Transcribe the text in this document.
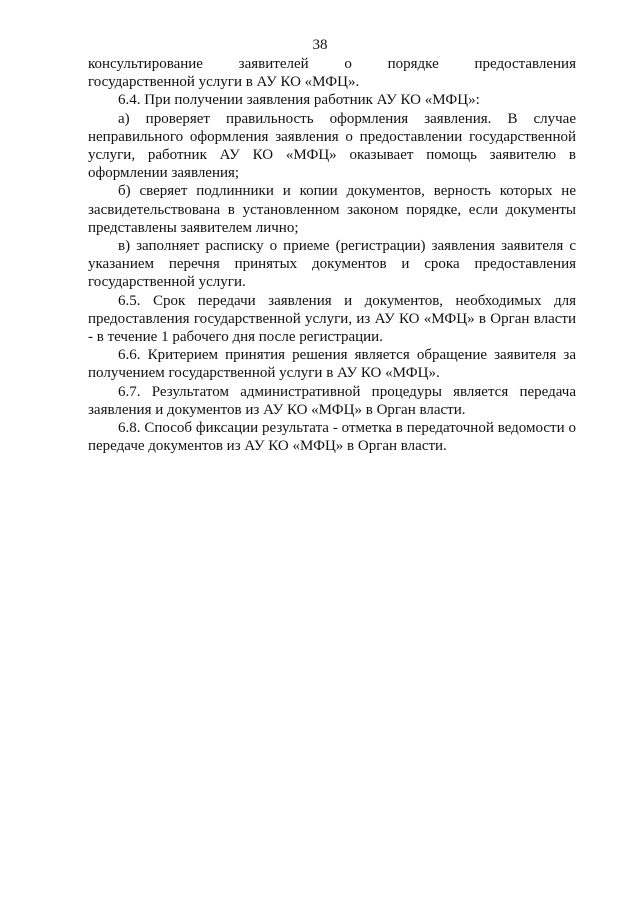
38
консультирование заявителей о порядке предоставления

государственной услуги в АУ КО «МФЦ».

6.4. При получении заявления работник АУ КО «МФЦ»:

а) проверяет правильность оформления заявления. В случае неправильного оформления заявления о предоставлении государственной услуги, работник АУ КО «МФЦ» оказывает помощь заявителю в оформлении заявления;

б) сверяет подлинники и копии документов, верность которых не засвидетельствована в установленном законом порядке, если документы представлены заявителем лично;

в) заполняет расписку о приеме (регистрации) заявления заявителя с указанием перечня принятых документов и срока предоставления государственной услуги.

6.5. Срок передачи заявления и документов, необходимых для предоставления государственной услуги, из АУ КО «МФЦ» в Орган власти - в течение 1 рабочего дня после регистрации.

6.6. Критерием принятия решения является обращение заявителя за получением государственной услуги в АУ КО «МФЦ».

6.7. Результатом административной процедуры является передача заявления и документов из АУ КО «МФЦ» в Орган власти.

6.8. Способ фиксации результата - отметка в передаточной ведомости о передаче документов из АУ КО «МФЦ» в Орган власти.
